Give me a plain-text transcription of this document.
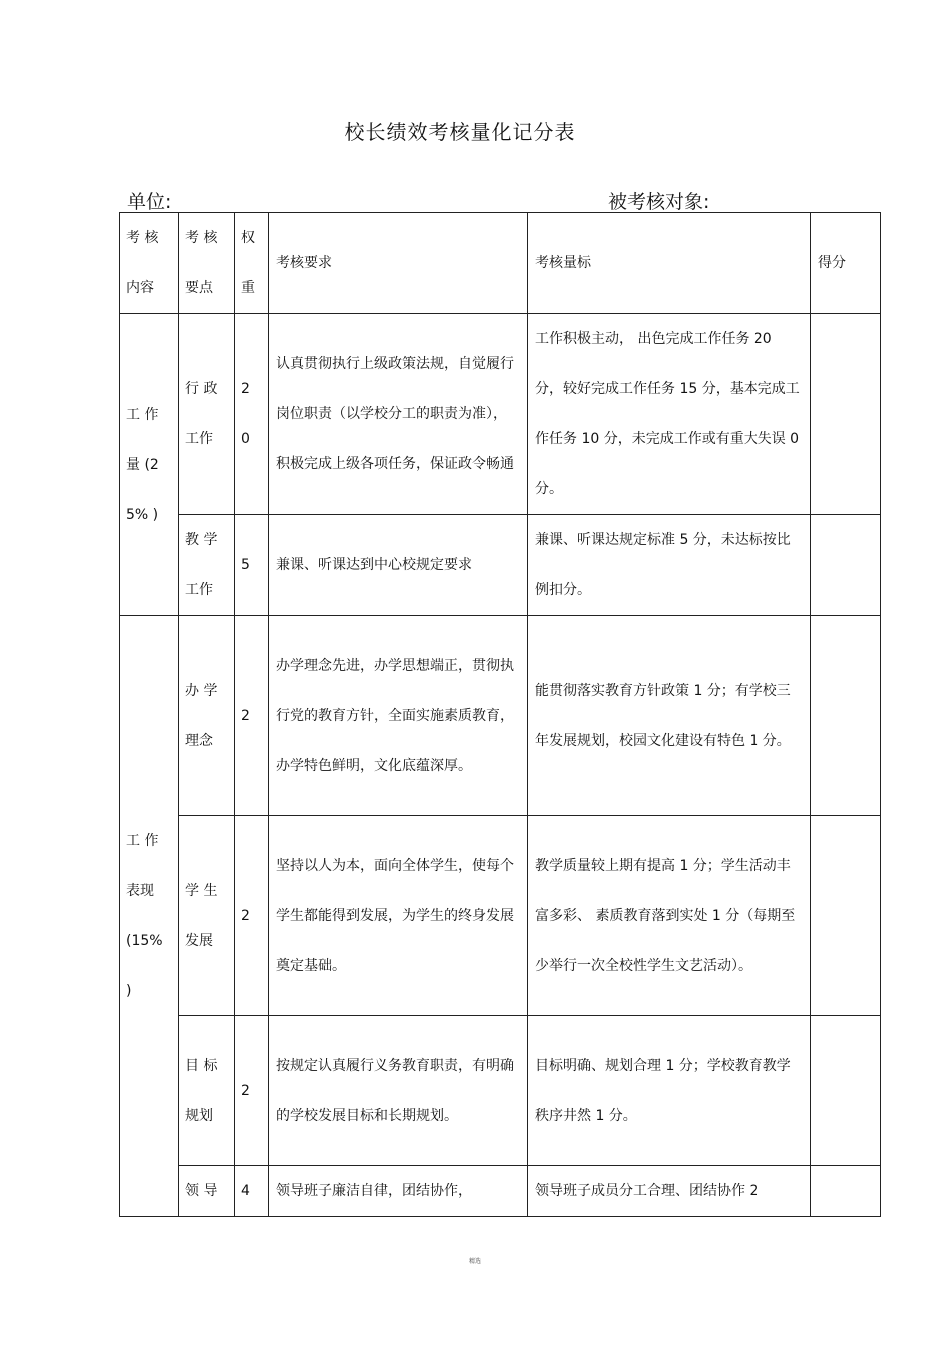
校长绩效考核量化记分表
单位:	被考核对象:
考 核 内容	考 核 要点	权 重	考核要求	考核量标	得分
工 作 量 (25% )	行 政 工作	2 0	认真贯彻执行上级政策法规，自觉履行岗位职责（以学校分工的职责为准），积极完成上级各项任务，保证政令畅通	工作积极主动， 出色完成工作任务 20 分，较好完成工作任务 15 分，基本完成工作任务 10 分，未完成工作或有重大失误 0 分。	
	教 学 工作	5	兼课、听课达到中心校规定要求	兼课、听课达规定标准 5 分，未达标按比例扣分。	
工 作 表现 (15% )	办 学 理念	2	办学理念先进，办学思想端正，贯彻执行党的教育方针，全面实施素质教育，办学特色鲜明，文化底蕴深厚。	能贯彻落实教育方针政策 1 分；有学校三年发展规划，校园文化建设有特色 1 分。	
	学 生 发展	2	坚持以人为本，面向全体学生，使每个学生都能得到发展，为学生的终身发展奠定基础。	教学质量较上期有提高 1 分；学生活动丰富多彩、 素质教育落到实处 1 分（每期至少举行一次全校性学生文艺活动）。	
	目 标 规划	2	按规定认真履行义务教育职责，有明确的学校发展目标和长期规划。	目标明确、规划合理 1 分；学校教育教学秩序井然 1 分。	
	领 导	4	领导班子廉洁自律，团结协作，	领导班子成员分工合理、团结协作 2	
精选
